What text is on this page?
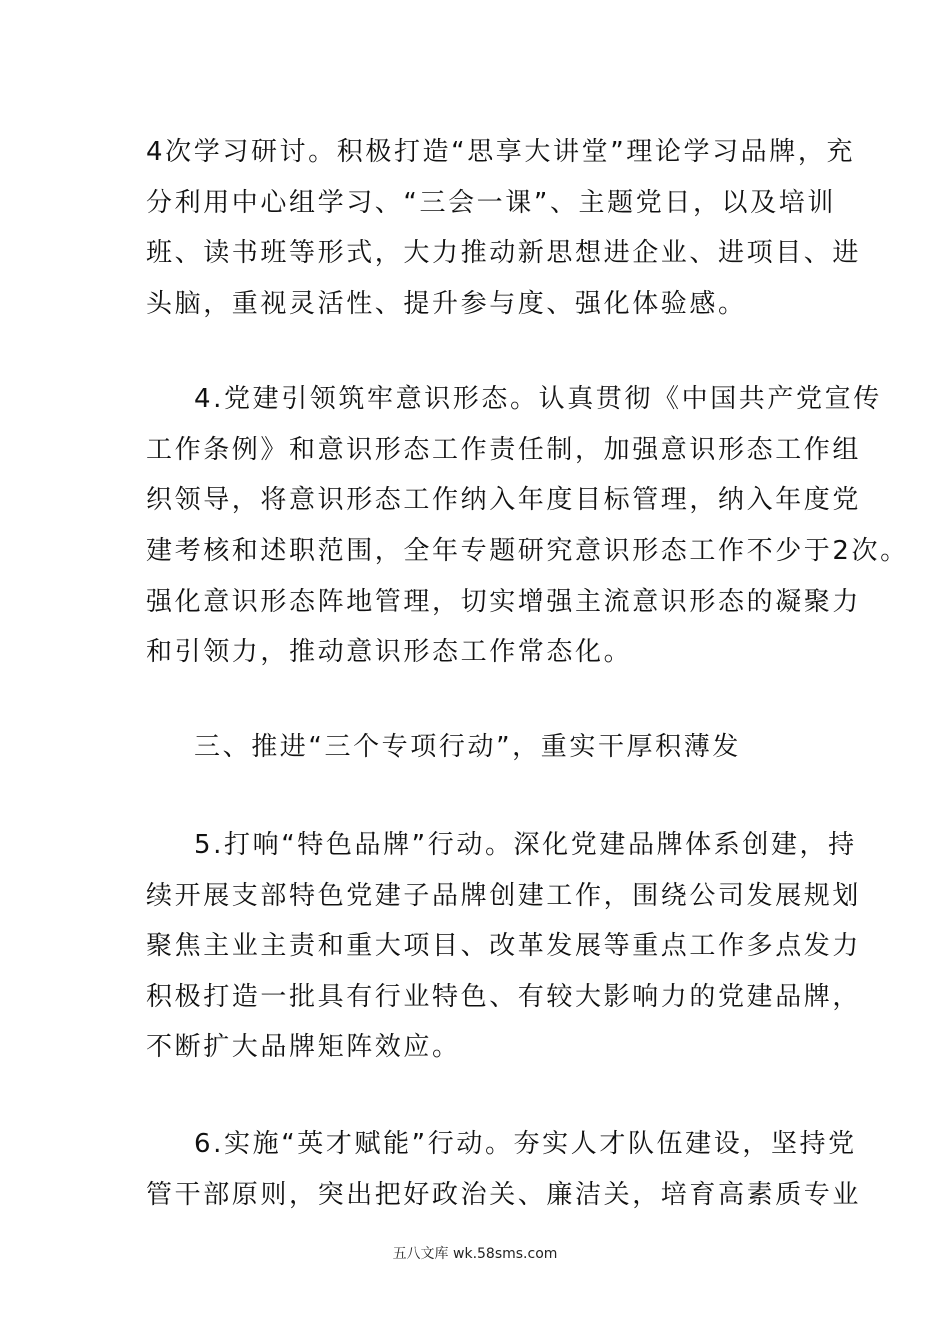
4次学习研讨。积极打造“思享大讲堂”理论学习品牌，充
分利用中心组学习、“三会一课”、主题党日，以及培训
班、读书班等形式，大力推动新思想进企业、进项目、进
头脑，重视灵活性、提升参与度、强化体验感。
4.党建引领筑牢意识形态。认真贯彻《中国共产党宣传
工作条例》和意识形态工作责任制，加强意识形态工作组
织领导，将意识形态工作纳入年度目标管理，纳入年度党
建考核和述职范围，全年专题研究意识形态工作不少于2次。
强化意识形态阵地管理，切实增强主流意识形态的凝聚力
和引领力，推动意识形态工作常态化。
三、推进“三个专项行动”，重实干厚积薄发
5.打响“特色品牌”行动。深化党建品牌体系创建，持
续开展支部特色党建子品牌创建工作，围绕公司发展规划
聚焦主业主责和重大项目、改革发展等重点工作多点发力
积极打造一批具有行业特色、有较大影响力的党建品牌，
不断扩大品牌矩阵效应。
6.实施“英才赋能”行动。夯实人才队伍建设，坚持党
管干部原则，突出把好政治关、廉洁关，培育高素质专业
五八文库 wk.58sms.com
